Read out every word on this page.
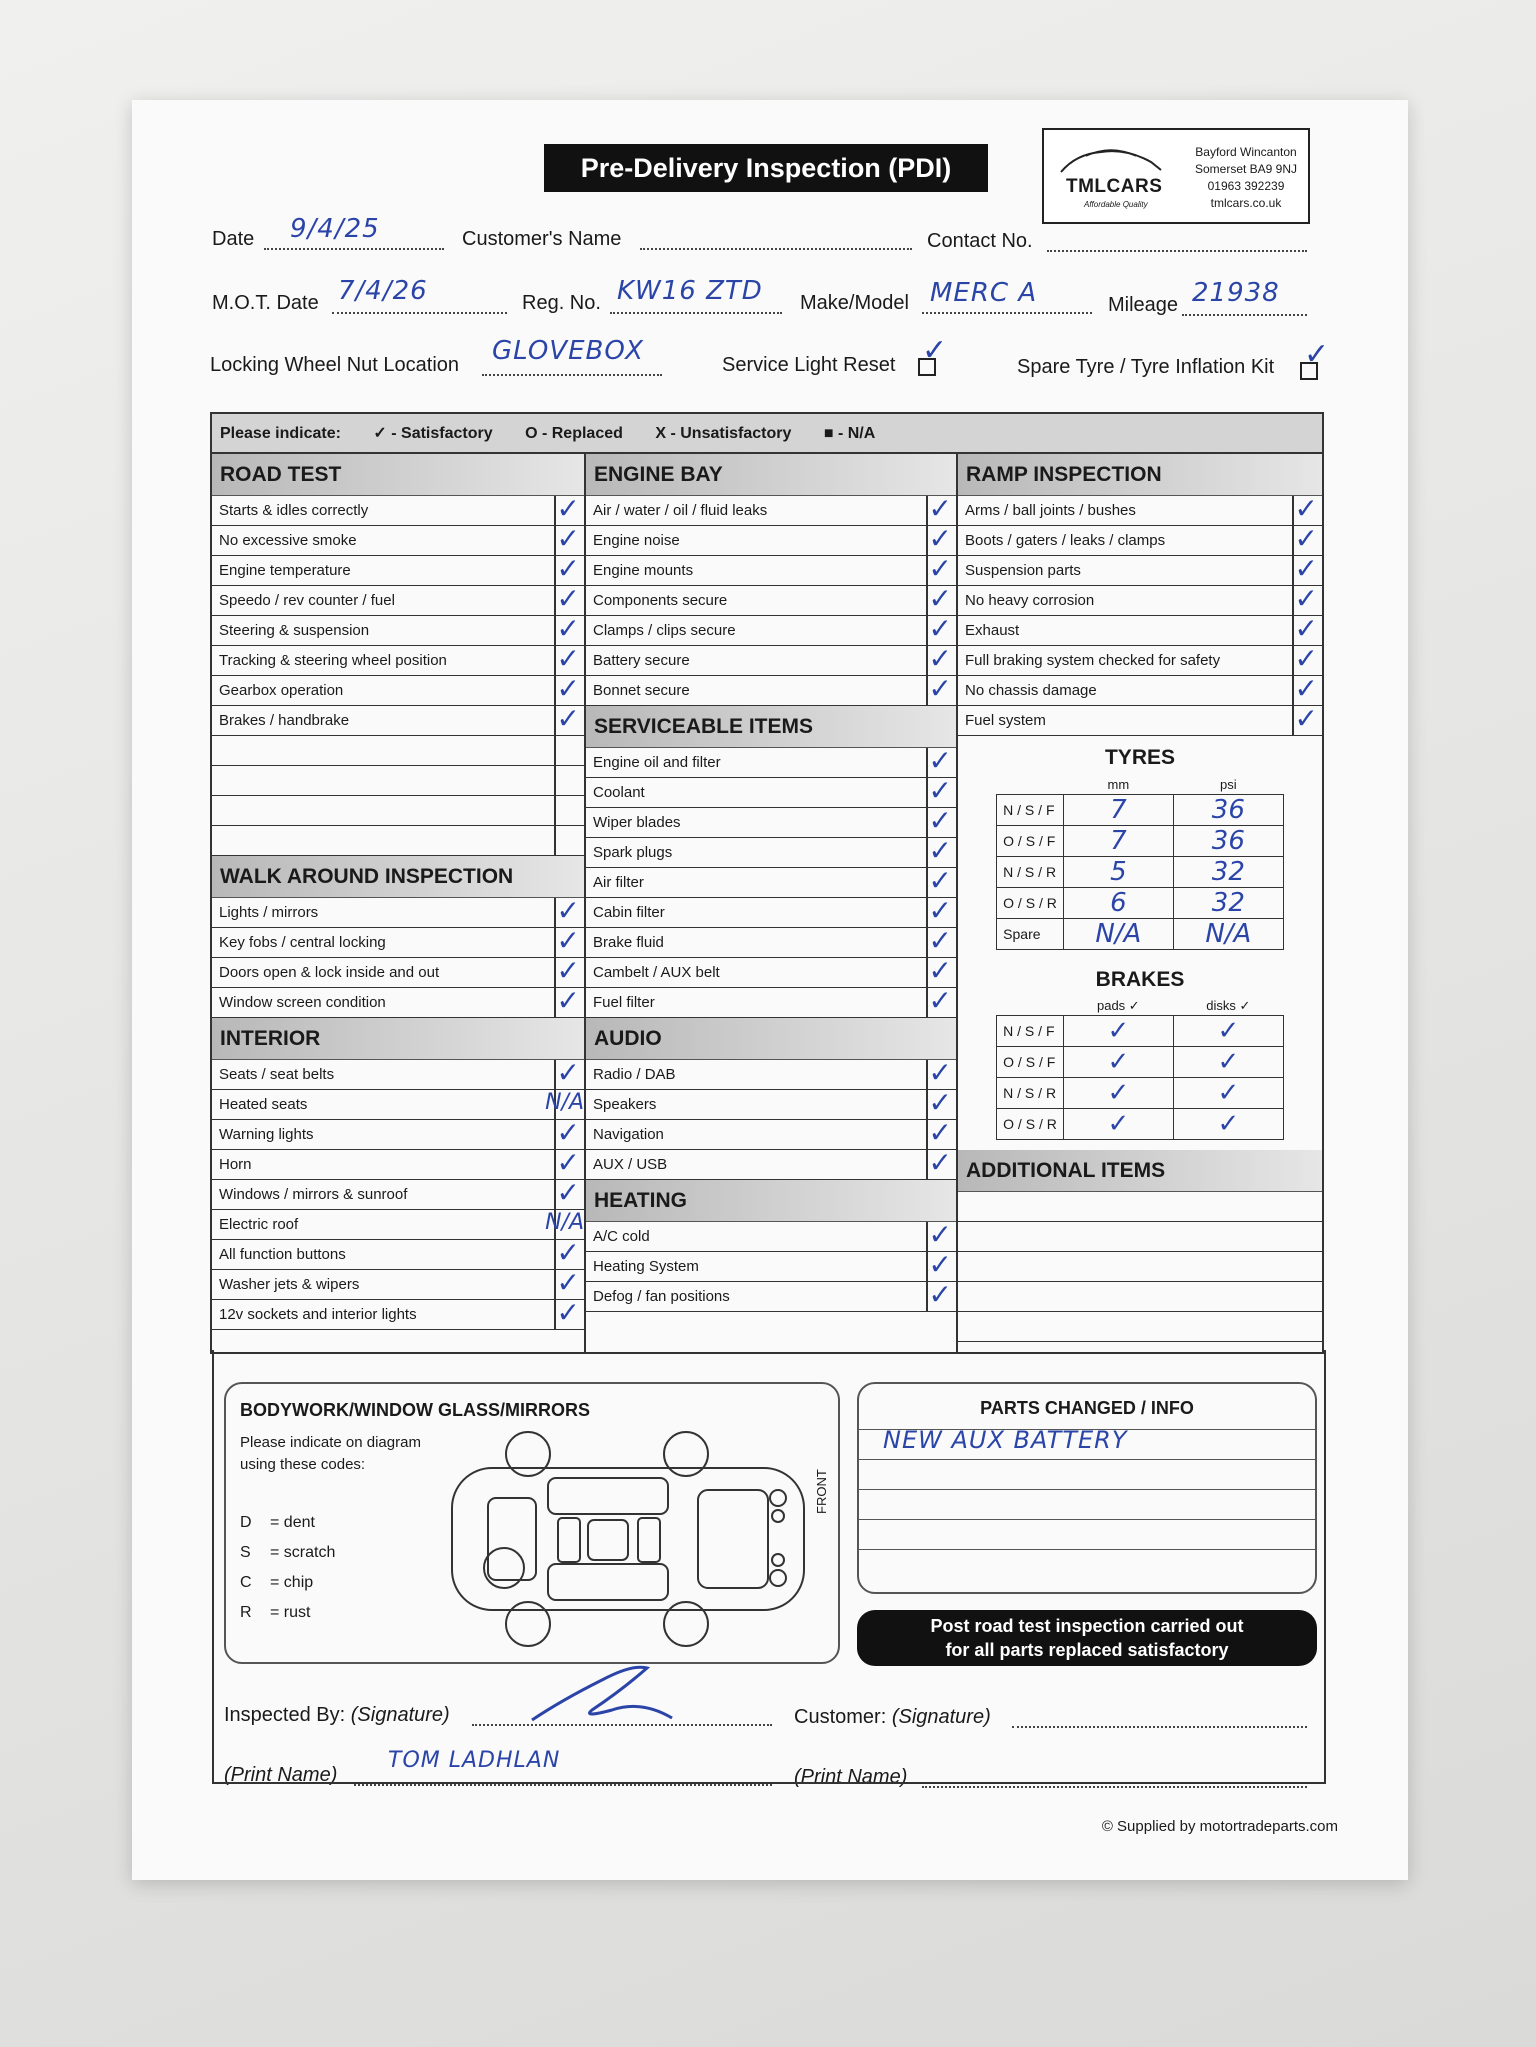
Pre-Delivery Inspection (PDI)
TMLCARS
Affordable Quality
Bayford Wincanton
Somerset BA9 9NJ
01963 392239
tmlcars.co.uk
Date 9/4/25	Customer's Name	Contact No.
M.O.T. Date 7/4/26	Reg. No. KW16 ZTD Make/Model MERC A	Mileage 21938
Locking Wheel Nut Location GLOVEBOX	Service Light Reset ✓	Spare Tyre / Tyre Inflation Kit ✓
Please indicate: ✓ - Satisfactory O - Replaced X - Unsatisfactory ■ - N/A
ROAD TEST
Starts & idles correctly	✓
No excessive smoke	✓
Engine temperature	✓
Speedo / rev counter / fuel	✓
Steering & suspension	✓
Tracking & steering wheel position	✓
Gearbox operation	✓
Brakes / handbrake	✓
WALK AROUND INSPECTION
Lights / mirrors	✓
Key fobs / central locking	✓
Doors open & lock inside and out	✓
Window screen condition	✓
INTERIOR
Seats / seat belts	✓
Heated seats	N/A
Warning lights	✓
Horn	✓
Windows / mirrors & sunroof	✓
Electric roof	N/A
All function buttons	✓
Washer jets & wipers	✓
12v sockets and interior lights	✓
ENGINE BAY
Air / water / oil / fluid leaks	✓
Engine noise	✓
Engine mounts	✓
Components secure	✓
Clamps / clips secure	✓
Battery secure	✓
Bonnet secure	✓
SERVICEABLE ITEMS
Engine oil and filter	✓
Coolant	✓
Wiper blades	✓
Spark plugs	✓
Air filter	✓
Cabin filter	✓
Brake fluid	✓
Cambelt / AUX belt	✓
Fuel filter	✓
AUDIO
Radio / DAB	✓
Speakers	✓
Navigation	✓
AUX / USB	✓
HEATING
A/C cold	✓
Heating System	✓
Defog / fan positions	✓
RAMP INSPECTION
Arms / ball joints / bushes	✓
Boots / gaters / leaks / clamps	✓
Suspension parts	✓
No heavy corrosion	✓
Exhaust	✓
Full braking system checked for safety	✓
No chassis damage	✓
Fuel system	✓
TYRES
	mm	psi
N / S / F	7	36
O / S / F	7	36
N / S / R	5	32
O / S / R	6	32
Spare	N/A	N/A
BRAKES
	pads ✓	disks ✓
N / S / F	✓	✓
O / S / F	✓	✓
N / S / R	✓	✓
O / S / R	✓	✓
ADDITIONAL ITEMS
BODYWORK/WINDOW GLASS/MIRRORS
Please indicate on diagram
using these codes:
D = dent
S = scratch
C = chip
R = rust
FRONT
PARTS CHANGED / INFO
NEW AUX BATTERY
Post road test inspection carried out
for all parts replaced satisfactory
Inspected By: (Signature)	Customer: (Signature)
(Print Name)
TOM LADHLAN
(Print Name)
© Supplied by motortradeparts.com
